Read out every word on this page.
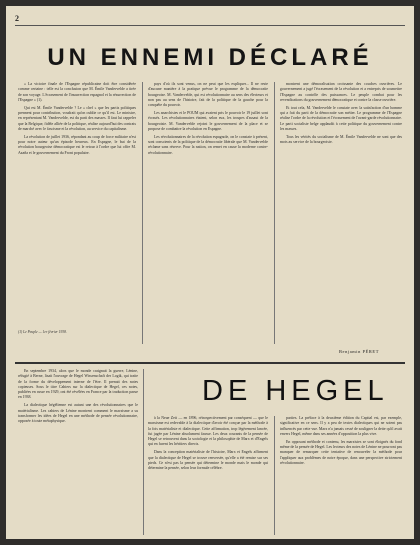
2
UN ENNEMI DÉCLARÉ

« La victoire finale de l'Espagne républicaine doit être considérée comme certaine : telle est la conclusion que M. Émile Vandervelde a tirée de son voyage. L'écrasement de l'insurrection espagnol et la résurrection de l'Espagne » (1).

Qui est M. Émile Vandervelde ? Le « chef » que les partis politiques prennent pour contribution, voudrait qu'on oublie ce qu'il est. Le ministre, en représentant M. Vandervelde, est du parti des masses. Il faut lui rappeler que la Belgique, fidèle alliée de la politique, réalise aujourd'hui des contrats de marché avec le fascisme et la révolution, au service du capitalisme.

La révolution de juillet 1936, répondant au coup de force militaire n'est pour notre auteur qu'un épisode heureux. En Espagne, le but de la révolution bourgeoise démocratique est le retour à l'ordre que lui offre M. Azaña et le gouvernement du Front populaire.

pays d'où ils sont venus, on ne peut que les expliquer... Il ne reste d'aucune manière à la pratique prévue le programme de la démocratie bourgeoise. M. Vandervelde, qui est révolutionnaire au sens des électeurs et non pas au sens de l'histoire, fait de la politique de la gauche pour la conquête du pouvoir.

Les anarchistes et le POUM qui avaient pris le pouvoir le 19 juillet sont écrasés. Les révolutionnaires étaient, selon eux, les troupes d'assaut de la bourgeoisie. M. Vandervelde rejoint le gouvernement de la place et se propose de combattre la révolution en Espagne.

Les révolutionnaires de la révolution espagnole, on le constate à présent, sont conscients de la politique de la démocratie libérale que M. Vandervelde réclame sans réserve. Pour la nation, on remet en cause la moderne contre-révolutionnaire.

montrent une démoralisation croissante des couches ouvrières. Le gouvernement a jugé l'écrasement de la révolution et a entrepris de soumettre l'Espagne au contrôle des puissances. Le peuple combat pour les revendications du gouvernement démocratique et contre la classe ouvrière.

Et tout cela, M. Vandervelde le constate avec la satisfaction d'un homme qui a fait du parti de la démocratie son métier. Le programme de l'Espagne réalise l'ordre de la révolution et l'écrasement de l'avant-garde révolutionnaire. Le parti socialiste belge applaudit à cette politique du gouvernement contre les masses.

Tous les vérités du socialisme de M. Émile Vandervelde ne sont que des mots au service de la bourgeoisie.

(1) Le Peuple — 1er février 1938.
Benjamin PÉRET
DE HEGEL

En septembre 1934, alors que le monde craignait la guerre, Lénine, réfugié à Berne, lisait l'ouvrage de Hegel Wissenschaft der Logik, qui traite de la forme du développement interne de l'être. Il prenait des notes copieuses. Sous le titre Cahiers sur la dialectique de Hegel, ces notes, publiées en russe en 1929, ont été révélées en France par la traduction parue en 1938.

La dialectique hégélienne est autant une des révolutionnaires que le matérialisme. Les cahiers de Lénine montrent comment le marxisme a su transformer les idées de Hegel en une méthode de pensée révolutionnaire, opposée à toute métaphysique.

à la Neue Zeit — en 1896, rétrospectivement par conséquent — que le marxisme est redevable à la dialectique d'avoir été conçue par la méthode à la fois matérialiste et dialectique. Cette affirmation, trop légèrement lancée, fut jugée par Lénine absolument fausse. Les deux courants de la pensée de Hegel se retrouvent dans la sociologie et la philosophie de Marx et d'Engels qui en furent les héritiers directs.

Dans la conception matérialiste de l'histoire, Marx et Engels affirment que la dialectique de Hegel se trouve renversée, qu'elle a été remise sur ses pieds. Ce n'est pas la pensée qui détermine le monde mais le monde qui détermine la pensée, selon leur formule célèbre.

parties. La préface à la deuxième édition du Capital est, par exemple, significative en ce sens. Il y a peu de textes dialectiques qui ne soient pas influencés par cette vue. Marx n'a jamais cessé de souligner la dette qu'il avait envers Hegel, même dans ses années d'opposition la plus vive.

En opposant méthode et contenu, les marxistes se sont éloignés du fond même de la pensée de Hegel. Les lecteurs des notes de Lénine ne pourront pas manquer de remarquer cette tentative de renouveler la méthode pour l'appliquer aux problèmes de notre époque, dans une perspective strictement révolutionnaire.
